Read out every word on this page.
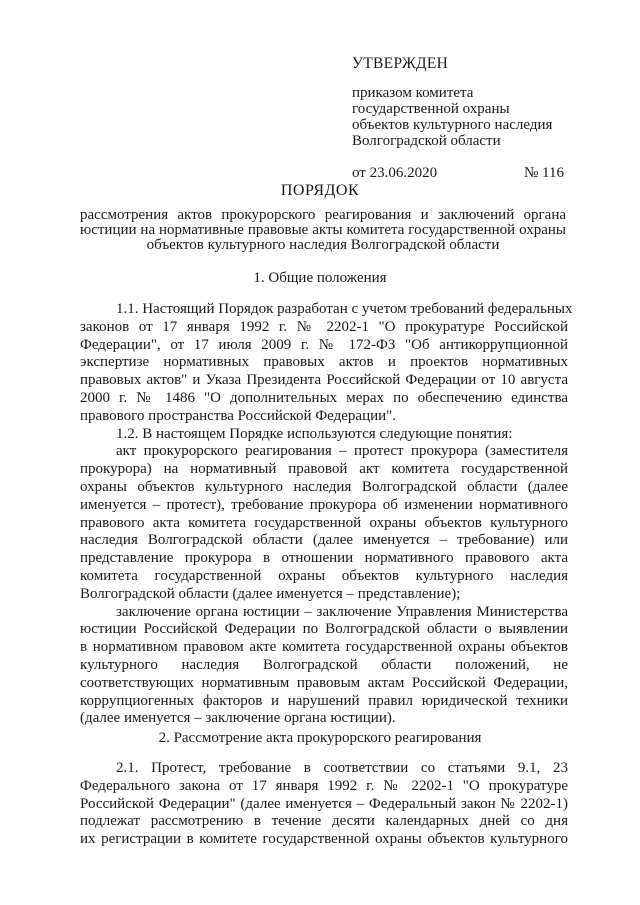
УТВЕРЖДЕН
приказом комитета
государственной охраны
объектов культурного наследия
Волгоградской области
от 23.06.2020	№ 116
ПОРЯДОК
рассмотрения актов прокурорского реагирования и заключений органа
юстиции на нормативные правовые акты комитета государственной охраны
объектов культурного наследия Волгоградской области
1. Общие положения
1.1. Настоящий Порядок разработан с учетом требований федеральных
законов от 17 января 1992 г. № 2202-1 "О прокуратуре Российской
Федерации", от 17 июля 2009 г. № 172-ФЗ "Об антикоррупционной
экспертизе нормативных правовых актов и проектов нормативных
правовых актов" и Указа Президента Российской Федерации от 10 августа
2000 г. № 1486 "О дополнительных мерах по обеспечению единства
правового пространства Российской Федерации".
1.2. В настоящем Порядке используются следующие понятия:
акт прокурорского реагирования – протест прокурора (заместителя
прокурора) на нормативный правовой акт комитета государственной
охраны объектов культурного наследия Волгоградской области (далее
именуется – протест), требование прокурора об изменении нормативного
правового акта комитета государственной охраны объектов культурного
наследия Волгоградской области (далее именуется – требование) или
представление прокурора в отношении нормативного правового акта
комитета государственной охраны объектов культурного наследия
Волгоградской области (далее именуется – представление);
заключение органа юстиции – заключение Управления Министерства
юстиции Российской Федерации по Волгоградской области о выявлении
в нормативном правовом акте комитета государственной охраны объектов
культурного наследия Волгоградской области положений, не
соответствующих нормативным правовым актам Российской Федерации,
коррупциогенных факторов и нарушений правил юридической техники
(далее именуется – заключение органа юстиции).
2. Рассмотрение акта прокурорского реагирования
2.1. Протест, требование в соответствии со статьями 9.1, 23
Федерального закона от 17 января 1992 г. № 2202-1 "О прокуратуре
Российской Федерации" (далее именуется – Федеральный закон № 2202-1)
подлежат рассмотрению в течение десяти календарных дней со дня
их регистрации в комитете государственной охраны объектов культурного
